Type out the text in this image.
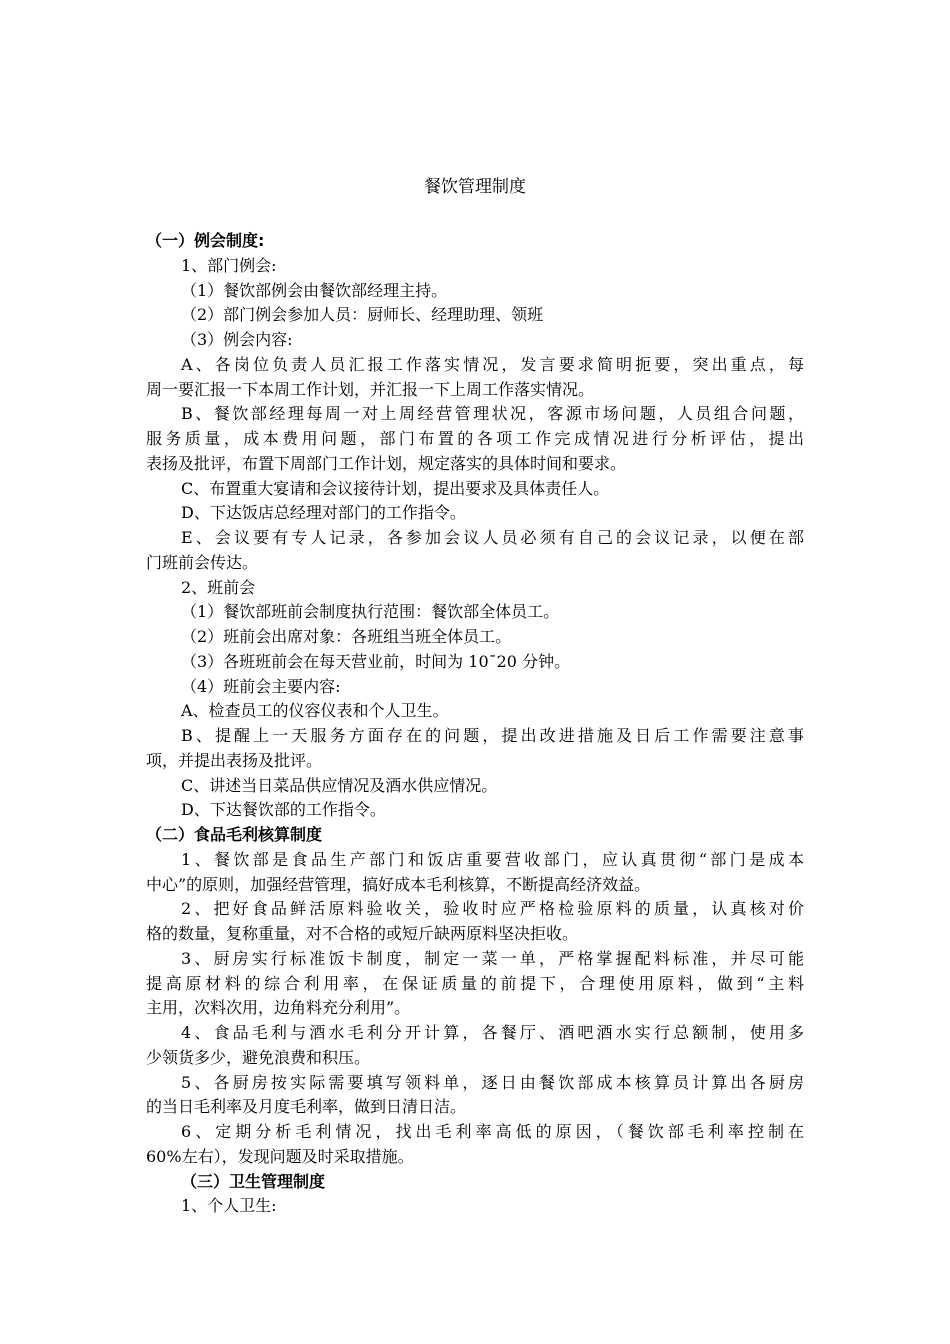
餐饮管理制度
（一）例会制度:
1、部门例会:
（1）餐饮部例会由餐饮部经理主持。
（2）部门例会参加人员：厨师长、经理助理、领班
（3）例会内容:
A、各岗位负责人员汇报工作落实情况，发言要求简明扼要，突出重点，每
周一要汇报一下本周工作计划，并汇报一下上周工作落实情况。
B、餐饮部经理每周一对上周经营管理状况，客源市场问题，人员组合问题，
服务质量，成本费用问题，部门布置的各项工作完成情况进行分析评估，提出
表扬及批评，布置下周部门工作计划，规定落实的具体时间和要求。
C、布置重大宴请和会议接待计划，提出要求及具体责任人。
D、下达饭店总经理对部门的工作指令。
E、会议要有专人记录，各参加会议人员必须有自己的会议记录，以便在部
门班前会传达。
2、班前会
（1）餐饮部班前会制度执行范围：餐饮部全体员工。
（2）班前会出席对象：各班组当班全体员工。
（3）各班班前会在每天营业前，时间为 10¯20 分钟。
（4）班前会主要内容:
A、检查员工的仪容仪表和个人卫生。
B、提醒上一天服务方面存在的问题，提出改进措施及日后工作需要注意事
项，并提出表扬及批评。
C、讲述当日菜品供应情况及酒水供应情况。
D、下达餐饮部的工作指令。
（二）食品毛利核算制度
1、餐饮部是食品生产部门和饭店重要营收部门，应认真贯彻“部门是成本
中心”的原则，加强经营管理，搞好成本毛利核算，不断提高经济效益。
2、把好食品鲜活原料验收关，验收时应严格检验原料的质量，认真核对价
格的数量，复称重量，对不合格的或短斤缺两原料坚决拒收。
3、厨房实行标准饭卡制度，制定一菜一单，严格掌握配料标准，并尽可能
提高原材料的综合利用率，在保证质量的前提下，合理使用原料，做到“主料
主用，次料次用，边角料充分利用”。
4、食品毛利与酒水毛利分开计算，各餐厅、酒吧酒水实行总额制，使用多
少领货多少，避免浪费和积压。
5、各厨房按实际需要填写领料单，逐日由餐饮部成本核算员计算出各厨房
的当日毛利率及月度毛利率，做到日清日洁。
6、定期分析毛利情况，找出毛利率高低的原因，（餐饮部毛利率控制在
60%左右），发现问题及时采取措施。
（三）卫生管理制度
1、个人卫生:
